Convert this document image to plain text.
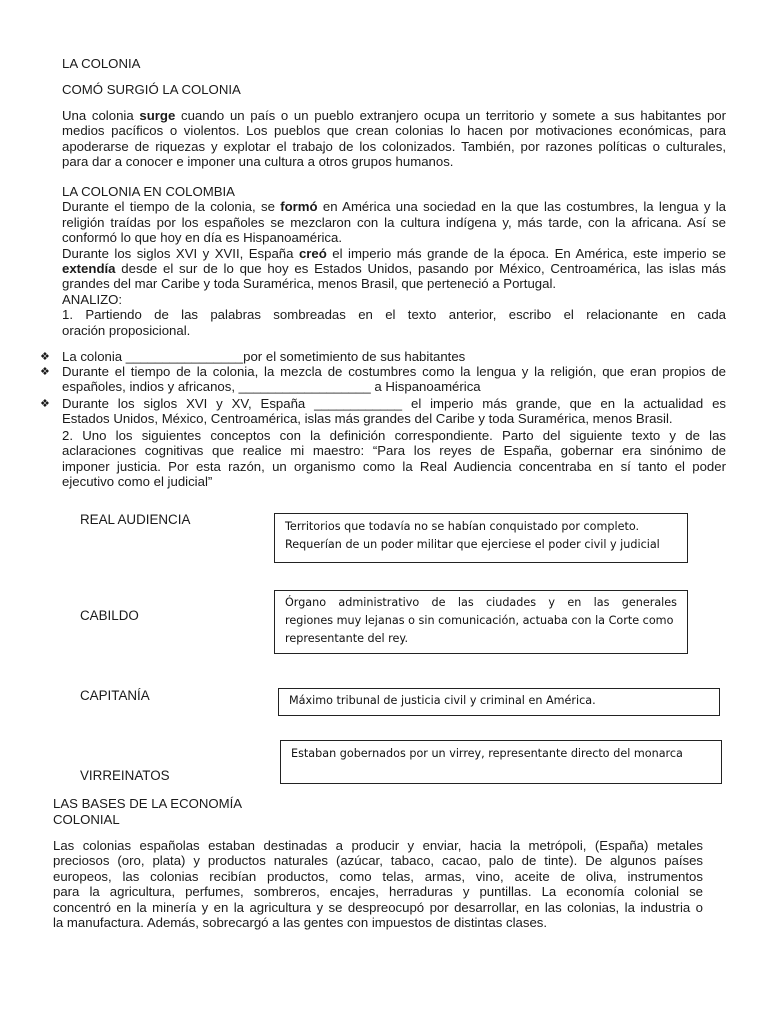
LA COLONIA
COMÓ SURGIÓ LA COLONIA
Una colonia surge cuando un país o un pueblo extranjero ocupa un territorio y somete a sus habitantes por
medios pacíficos o violentos. Los pueblos que crean colonias lo hacen por motivaciones económicas, para
apoderarse de riquezas y explotar el trabajo de los colonizados. También, por razones políticas o culturales,
para dar a conocer e imponer una cultura a otros grupos humanos.
LA COLONIA EN COLOMBIA
Durante el tiempo de la colonia, se formó en América una sociedad en la que las costumbres, la lengua y la
religión traídas por los españoles se mezclaron con la cultura indígena y, más tarde, con la africana. Así se
conformó lo que hoy en día es Hispanoamérica.
Durante los siglos XVI y XVII, España creó el imperio más grande de la época. En América, este imperio se
extendía desde el sur de lo que hoy es Estados Unidos, pasando por México, Centroamérica, las islas más
grandes del mar Caribe y toda Suramérica, menos Brasil, que perteneció a Portugal.
ANALIZO:
1. Partiendo de las palabras sombreadas en el texto anterior, escribo el relacionante en cada
oración proposicional.
❖ La colonia ________________por el sometimiento de sus habitantes
❖ Durante el tiempo de la colonia, la mezcla de costumbres como la lengua y la religión, que eran propios de
españoles, indios y africanos, __________________ a Hispanoamérica
❖ Durante los siglos XVI y XV, España ____________ el imperio más grande, que en la actualidad es
Estados Unidos, México, Centroamérica, islas más grandes del Caribe y toda Suramérica, menos Brasil.
2. Uno los siguientes conceptos con la definición correspondiente. Parto del siguiente texto y de las
aclaraciones cognitivas que realice mi maestro: “Para los reyes de España, gobernar era sinónimo de
imponer justicia. Por esta razón, un organismo como la Real Audiencia concentraba en sí tanto el poder
ejecutivo como el judicial”
REAL AUDIENCIA
CABILDO
CAPITANÍA
VIRREINATOS
Territorios que todavía no se habían conquistado por completo.
Requerían de un poder militar que ejerciese el poder civil y judicial
Órgano administrativo de las ciudades y en las generales
regiones muy lejanas o sin comunicación, actuaba con la Corte como
representante del rey.
Máximo tribunal de justicia civil y criminal en América.
Estaban gobernados por un virrey, representante directo del monarca
LAS BASES DE LA ECONOMÍA
COLONIAL
Las colonias españolas estaban destinadas a producir y enviar, hacia la metrópoli, (España) metales
preciosos (oro, plata) y productos naturales (azúcar, tabaco, cacao, palo de tinte). De algunos países
europeos, las colonias recibían productos, como telas, armas, vino, aceite de oliva, instrumentos
para la agricultura, perfumes, sombreros, encajes, herraduras y puntillas. La economía colonial se
concentró en la minería y en la agricultura y se despreocupó por desarrollar, en las colonias, la industria o
la manufactura. Además, sobrecargó a las gentes con impuestos de distintas clases.
